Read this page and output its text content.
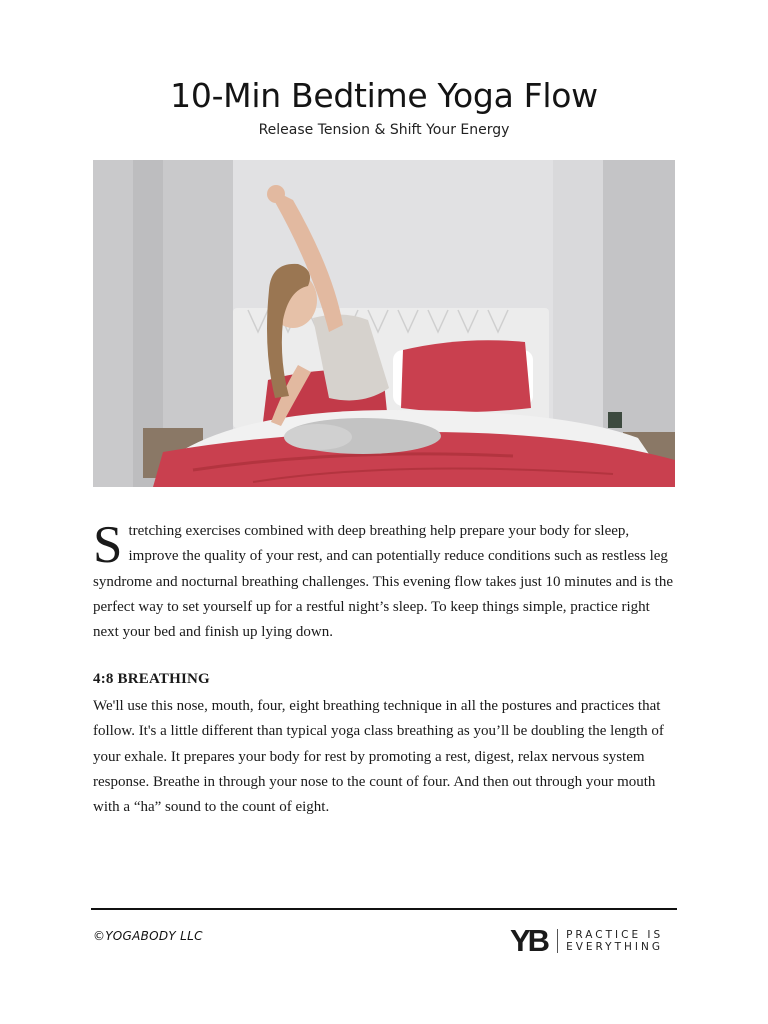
10-Min Bedtime Yoga Flow
Release Tension & Shift Your Energy

S tretching exercises combined with deep breathing help prepare your body for sleep, improve the quality of your rest, and can potentially reduce conditions such as restless leg syndrome and nocturnal breathing challenges. This evening flow takes just 10 minutes and is the perfect way to set yourself up for a restful night’s sleep. To keep things simple, practice right next your bed and finish up lying down.

4:8 BREATHING

We'll use this nose, mouth, four, eight breathing technique in all the postures and practices that follow. It's a little different than typical yoga class breathing as you’ll be doubling the length of your exhale. It prepares your body for rest by promoting a rest, digest, relax nervous system response. Breathe in through your nose to the count of four. And then out through your mouth with a “ha” sound to the count of eight.

©YOGABODY LLC	YB PRACTICE IS
EVERYTHING
